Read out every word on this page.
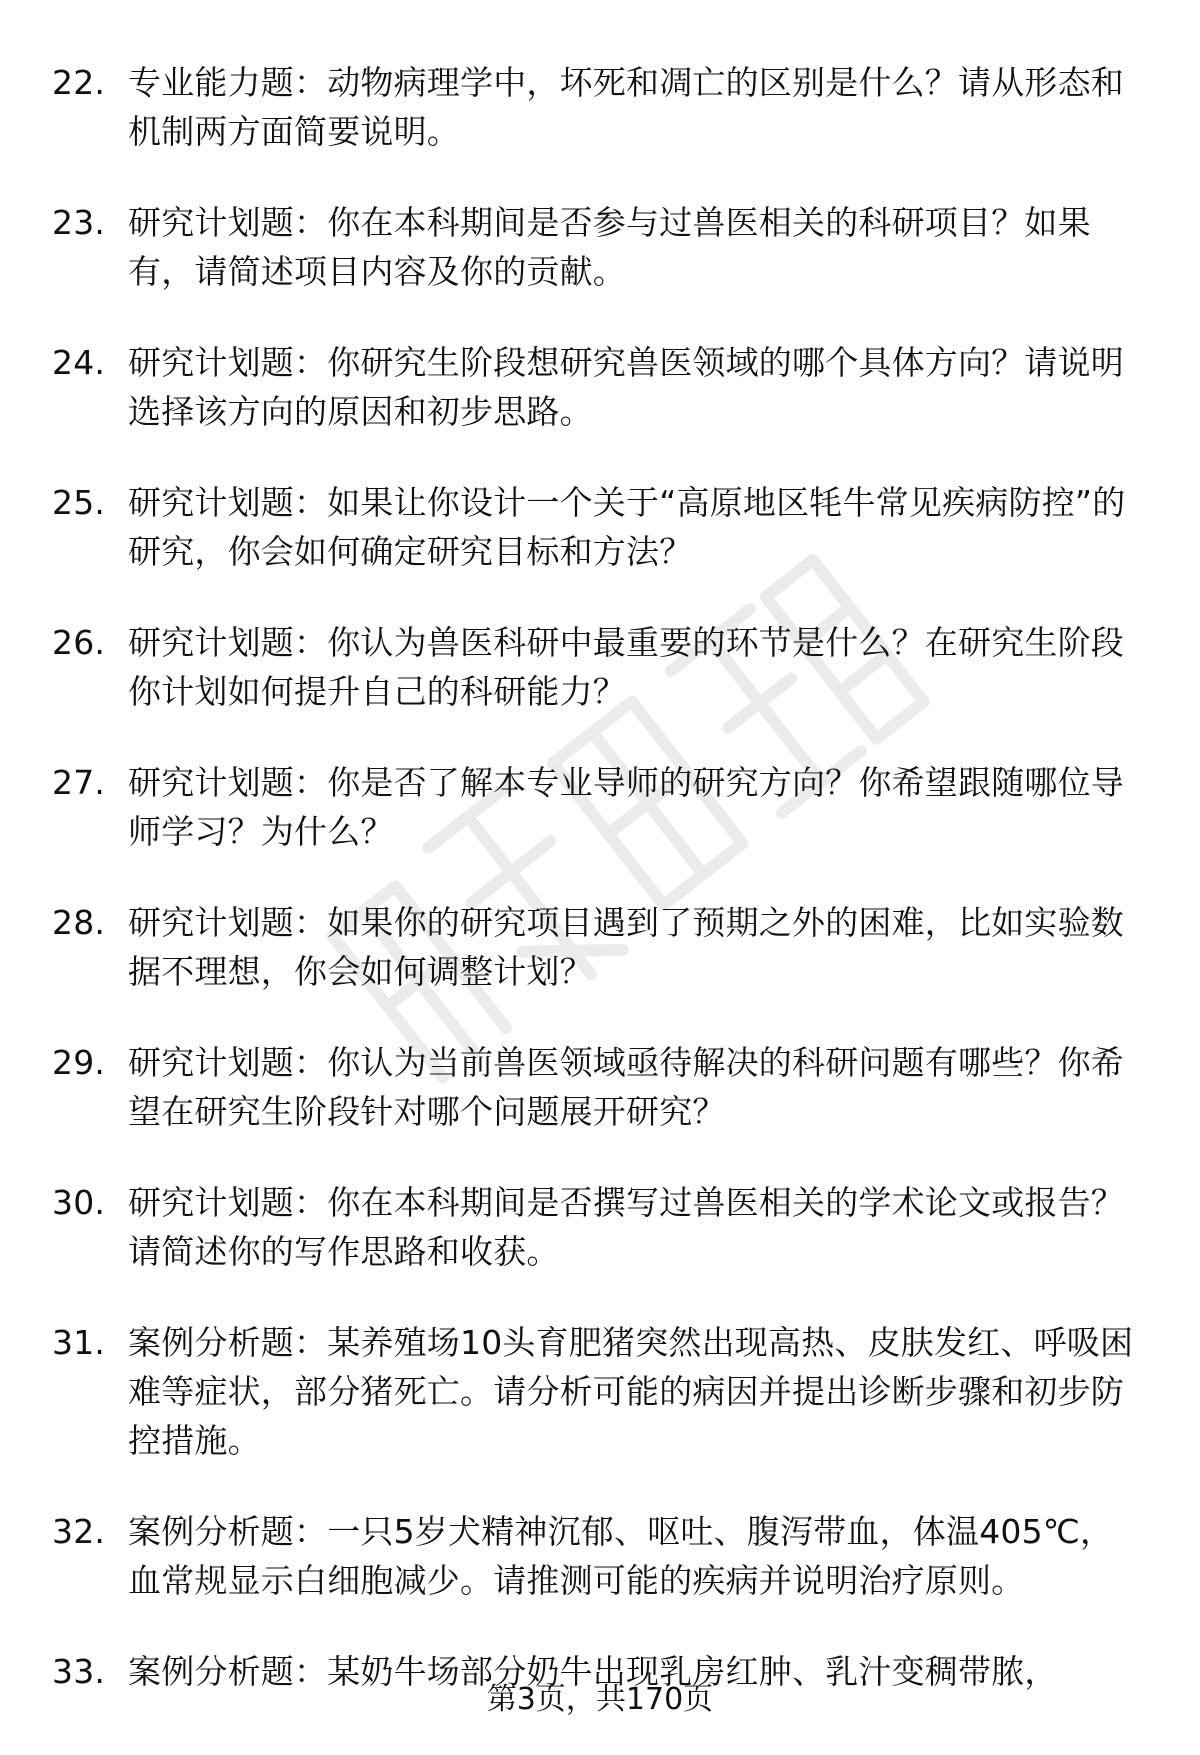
22. 专业能力题：动物病理学中，坏死和凋亡的区别是什么？请从形态和机制两方面简要说明。
23. 研究计划题：你在本科期间是否参与过兽医相关的科研项目？如果有，请简述项目内容及你的贡献。
24. 研究计划题：你研究生阶段想研究兽医领域的哪个具体方向？请说明选择该方向的原因和初步思路。
25. 研究计划题：如果让你设计一个关于“高原地区牦牛常见疾病防控”的研究，你会如何确定研究目标和方法？
26. 研究计划题：你认为兽医科研中最重要的环节是什么？在研究生阶段你计划如何提升自己的科研能力？
27. 研究计划题：你是否了解本专业导师的研究方向？你希望跟随哪位导师学习？为什么？
28. 研究计划题：如果你的研究项目遇到了预期之外的困难，比如实验数据不理想，你会如何调整计划？
29. 研究计划题：你认为当前兽医领域亟待解决的科研问题有哪些？你希望在研究生阶段针对哪个问题展开研究？
30. 研究计划题：你在本科期间是否撰写过兽医相关的学术论文或报告？请简述你的写作思路和收获。
31. 案例分析题：某养殖场10头育肥猪突然出现高热、皮肤发红、呼吸困难等症状，部分猪死亡。请分析可能的病因并提出诊断步骤和初步防控措施。
32. 案例分析题：一只5岁犬精神沉郁、呕吐、腹泻带血，体温405℃，血常规显示白细胞减少。请推测可能的疾病并说明治疗原则。
33. 案例分析题：某奶牛场部分奶牛出现乳房红肿、乳汁变稠带脓，
第3页，共170页
